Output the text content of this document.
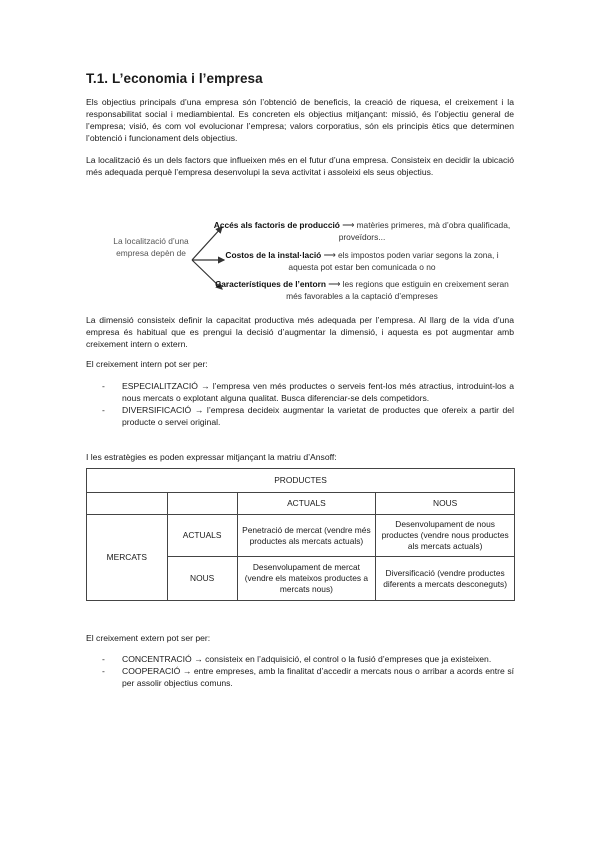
T.1. L’economia i l’empresa
Els objectius principals d’una empresa són l’obtenció de beneficis, la creació de riquesa, el creixement i la responsabilitat social i mediambiental. Es concreten els objectius mitjançant: missió, és l’objectiu general de l’empresa; visió, és com vol evolucionar l’empresa; valors corporatius, són els principis ètics que determinen l’obtenció i funcionament dels objectius.
La localització és un dels factors que influeixen més en el futur d’una empresa. Consisteix en decidir la ubicació més adequada perquè l’empresa desenvolupi la seva activitat i assoleixi els seus objectius.
La localització d’una empresa depèn de
Accés als factoris de producció ⟶ matèries primeres, mà d’obra qualificada, proveïdors...
Costos de la instal·lació ⟶ els impostos poden variar segons la zona, i aquesta pot estar ben comunicada o no
Característiques de l’entorn ⟶ les regions que estiguin en creixement seran més favorables a la captació d’empreses
La dimensió consisteix definir la capacitat productiva més adequada per l’empresa. Al llarg de la vida d’una empresa és habitual que es prengui la decisió d’augmentar la dimensió, i aquesta es pot augmentar amb creixement intern o extern.
El creixement intern pot ser per:
- ESPECIALITZACIÓ → l’empresa ven més productes o serveis fent-los més atractius, introduint-los a nous mercats o explotant alguna qualitat. Busca diferenciar-se dels competidors.
- DIVERSIFICACIÓ → l’empresa decideix augmentar la varietat de productes que ofereix a partir del producte o servei original.
I les estratègies es poden expressar mitjançant la matriu d’Ansoff:
PRODUCTES			
		ACTUALS	NOUS
MERCATS	ACTUALS	Penetració de mercat (vendre més productes als mercats actuals)	Desenvolupament de nous productes (vendre nous productes als mercats actuals)
	NOUS	Desenvolupament de mercat (vendre els mateixos productes a mercats nous)	Diversificació (vendre productes diferents a mercats desconeguts)
El creixement extern pot ser per:
- CONCENTRACIÓ → consisteix en l’adquisició, el control o la fusió d’empreses que ja existeixen.
- COOPERACIÓ → entre empreses, amb la finalitat d’accedir a mercats nous o arribar a acords entre sí per assolir objectius comuns.
